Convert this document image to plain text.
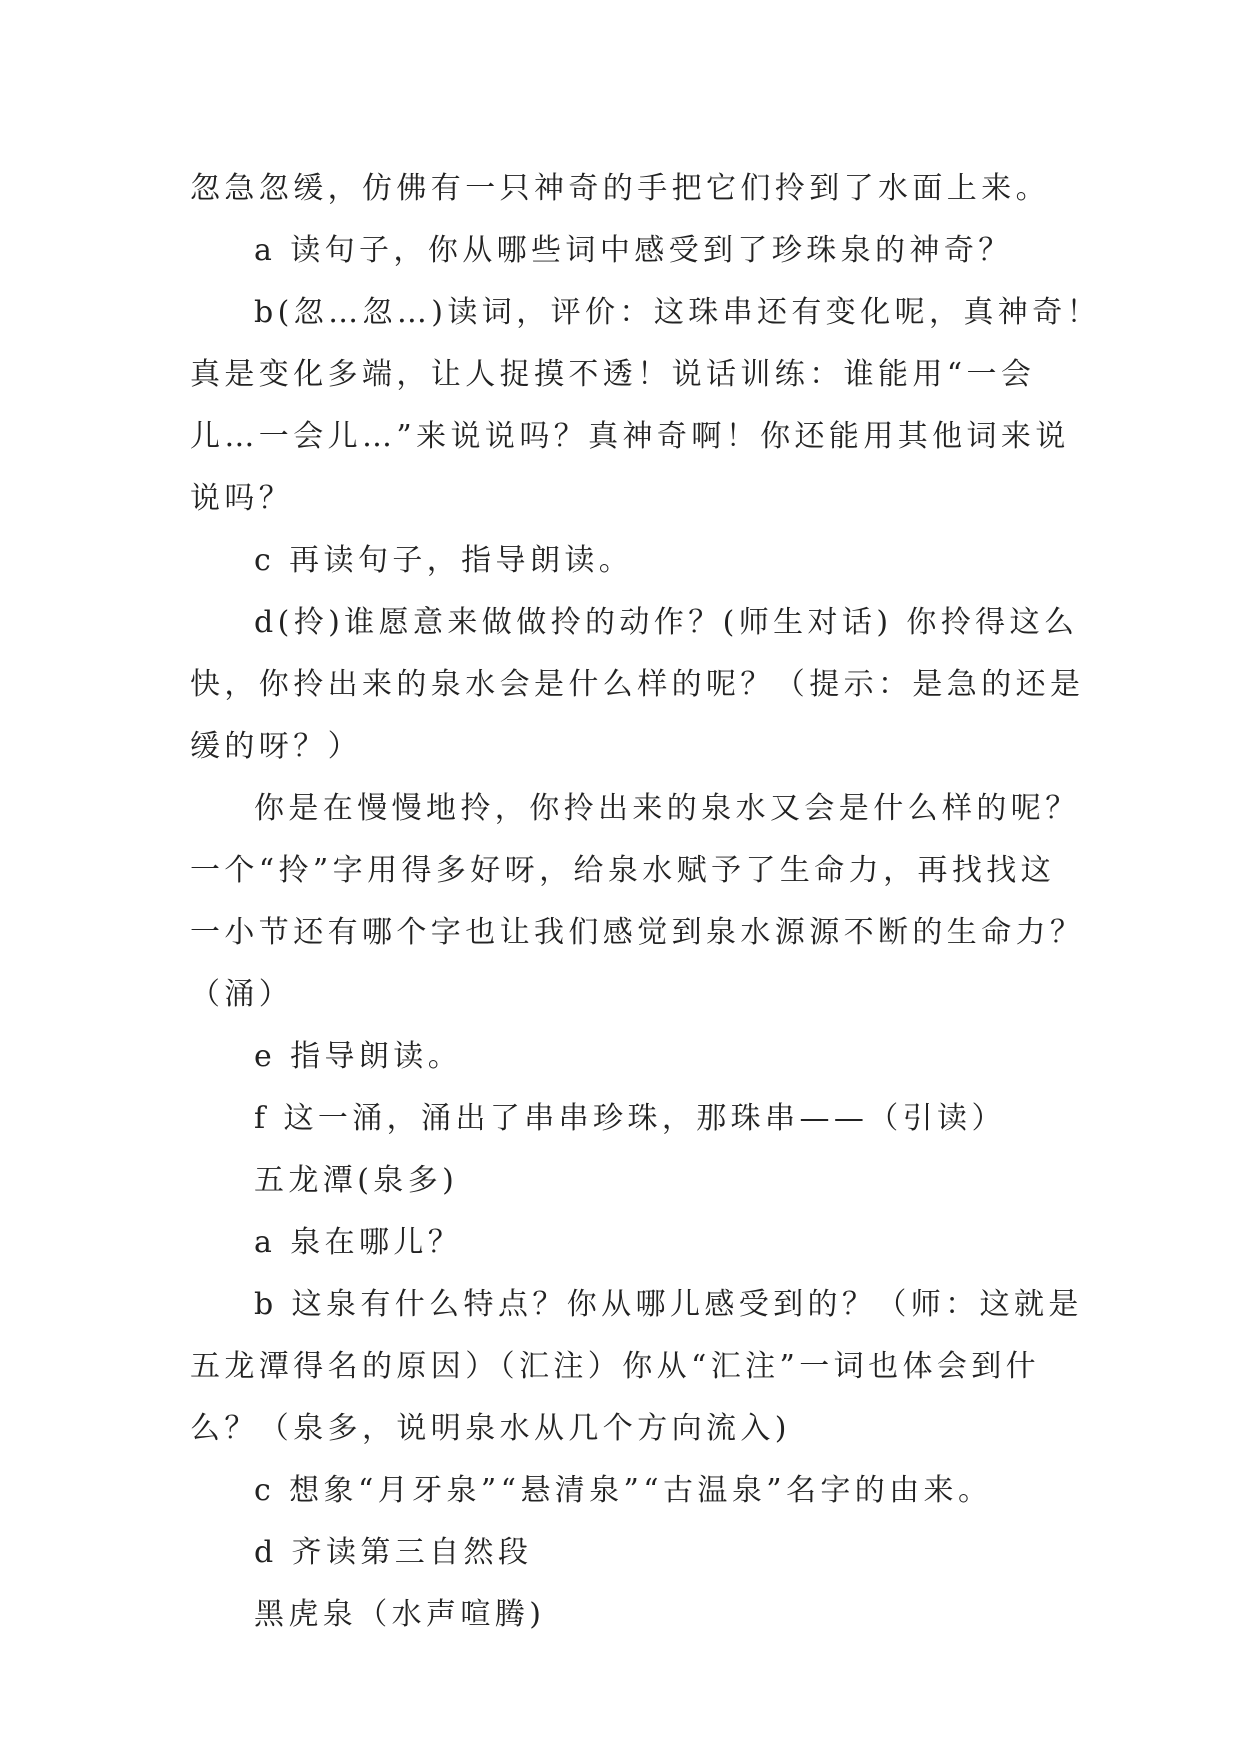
忽急忽缓，仿佛有一只神奇的手把它们拎到了水面上来。
a 读句子，你从哪些词中感受到了珍珠泉的神奇？
b(忽…忽…)读词，评价：这珠串还有变化呢，真神奇！
真是变化多端，让人捉摸不透！说话训练：谁能用“一会
儿…一会儿…”来说说吗？真神奇啊！你还能用其他词来说
说吗？
c 再读句子，指导朗读。
d(拎)谁愿意来做做拎的动作？(师生对话) 你拎得这么
快，你拎出来的泉水会是什么样的呢？（提示：是急的还是
缓的呀？）
你是在慢慢地拎，你拎出来的泉水又会是什么样的呢？
一个“拎”字用得多好呀，给泉水赋予了生命力，再找找这
一小节还有哪个字也让我们感觉到泉水源源不断的生命力？
（涌）
e 指导朗读。
f 这一涌，涌出了串串珍珠，那珠串——（引读）
五龙潭(泉多)
a 泉在哪儿？
b 这泉有什么特点？你从哪儿感受到的？（师：这就是
五龙潭得名的原因）（汇注）你从“汇注”一词也体会到什
么？（泉多，说明泉水从几个方向流入)
c 想象“月牙泉”“悬清泉”“古温泉”名字的由来。
d 齐读第三自然段
黑虎泉（水声喧腾)
